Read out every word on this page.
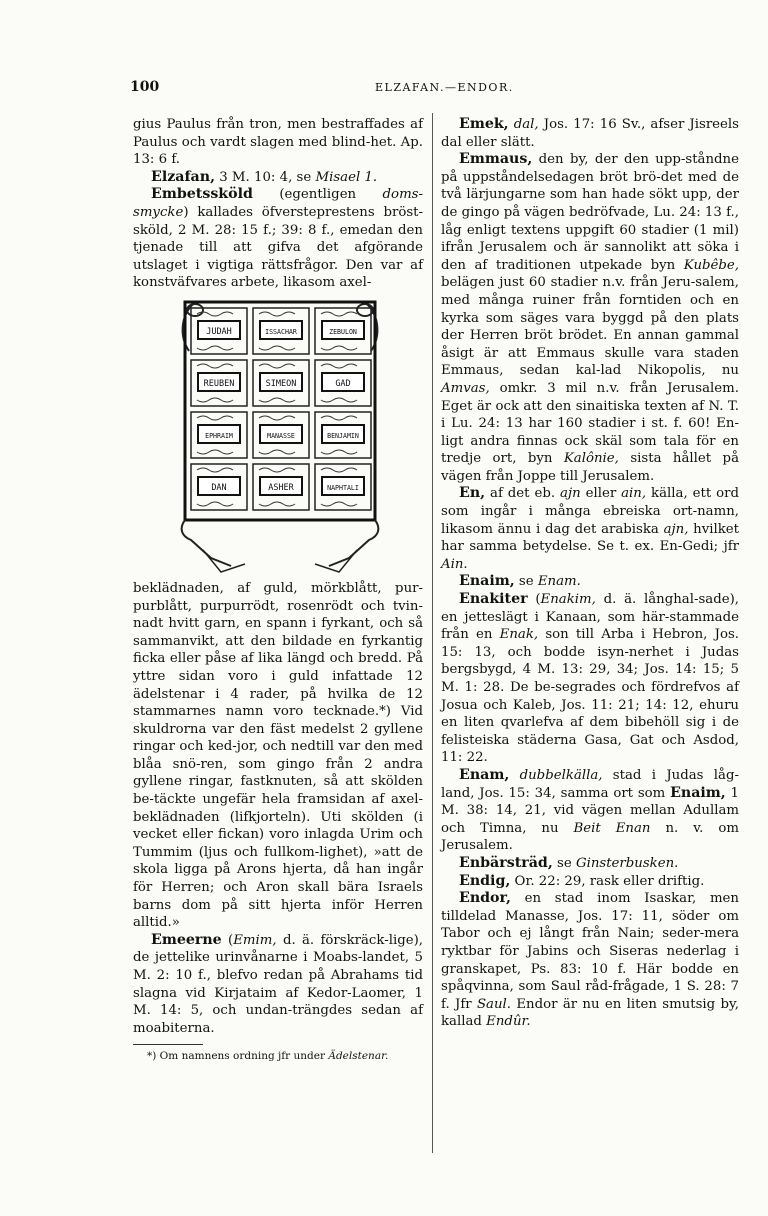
100	ELZAFAN.—ENDOR.

gius Paulus från tron, men bestraffades af Paulus och vardt slagen med blind-het. Ap. 13: 6 f.

Elzafan, 3 M. 10: 4, se Misael 1.

Embetssköld (egentligen doms-smycke) kallades öfversteprestens bröst-sköld, 2 M. 28: 15 f.; 39: 8 f., emedan den tjenade till att gifva det afgörande utslaget i vigtiga rättsfrågor. Den var af konstväfvares arbete, likasom axel-

JUDAH	ISSACHAR	ZEBULON
REUBEN	SIMEON	GAD
EPHRAIM	MANASSE	BENJAMIN
DAN	ASHER	NAPHTALI

beklädnaden, af guld, mörkblått, pur-purblått, purpurrödt, rosenrödt och tvin-nadt hvitt garn, en spann i fyrkant, och så sammanvikt, att den bildade en fyrkantig ficka eller påse af lika längd och bredd. På yttre sidan voro i guld infattade 12 ädelstenar i 4 rader, på hvilka de 12 stammarnes namn voro tecknade.*) Vid skuldrorna var den fäst medelst 2 gyllene ringar och ked-jor, och nedtill var den med blåa snö-ren, som gingo från 2 andra gyllene ringar, fastknuten, så att skölden be-täckte ungefär hela framsidan af axel-beklädnaden (lifkjorteln). Uti skölden (i vecket eller fickan) voro inlagda Urim och Tummim (ljus och fullkom-lighet), »att de skola ligga på Arons hjerta, då han ingår för Herren; och Aron skall bära Israels barns dom på sitt hjerta inför Herren alltid.»

Emeerne (Emim, d. ä. förskräck-lige), de jettelike urinvånarne i Moabs-landet, 5 M. 2: 10 f., blefvo redan på Abrahams tid slagna vid Kirjataim af Kedor-Laomer, 1 M. 14: 5, och undan-trängdes sedan af moabiterna.

*) Om namnens ordning jfr under Ädelstenar.

Emek, dal, Jos. 17: 16 Sv., afser Jisreels dal eller slätt.

Emmaus, den by, der den upp-ståndne på uppståndelsedagen bröt brö-det med de två lärjungarne som han hade sökt upp, der de gingo på vägen bedröfvade, Lu. 24: 13 f., låg enligt textens uppgift 60 stadier (1 mil) ifrån Jerusalem och är sannolikt att söka i den af traditionen utpekade byn Kubêbe, belägen just 60 stadier n.v. från Jeru-salem, med många ruiner från forntiden och en kyrka som säges vara byggd på den plats der Herren bröt brödet. En annan gammal åsigt är att Emmaus skulle vara staden Emmaus, sedan kal-lad Nikopolis, nu Amvas, omkr. 3 mil n.v. från Jerusalem. Eget är ock att den sinaitiska texten af N. T. i Lu. 24: 13 har 160 stadier i st. f. 60! En-ligt andra finnas ock skäl som tala för en tredje ort, byn Kalônie, sista hållet på vägen från Joppe till Jerusalem.

En, af det eb. ajn eller ain, källa, ett ord som ingår i många ebreiska ort-namn, likasom ännu i dag det arabiska ajn, hvilket har samma betydelse. Se t. ex. En-Gedi; jfr Ain.

Enaim, se Enam.

Enakiter (Enakim, d. ä. långhal-sade), en jetteslägt i Kanaan, som här-stammade från en Enak, son till Arba i Hebron, Jos. 15: 13, och bodde isyn-nerhet i Judas bergsbygd, 4 M. 13: 29, 34; Jos. 14: 15; 5 M. 1: 28. De be-segrades och fördrefvos af Josua och Kaleb, Jos. 11: 21; 14: 12, ehuru en liten qvarlefva af dem bibehöll sig i de felisteiska städerna Gasa, Gat och Asdod, 11: 22.

Enam, dubbelkälla, stad i Judas låg-land, Jos. 15: 34, samma ort som Enaim, 1 M. 38: 14, 21, vid vägen mellan Adullam och Timna, nu Beit Enan n. v. om Jerusalem.

Enbärsträd, se Ginsterbusken.

Endig, Or. 22: 29, rask eller driftig.

Endor, en stad inom Isaskar, men tilldelad Manasse, Jos. 17: 11, söder om Tabor och ej långt från Nain; seder-mera ryktbar för Jabins och Siseras nederlag i granskapet, Ps. 83: 10 f. Här bodde en spåqvinna, som Saul råd-frågade, 1 S. 28: 7 f. Jfr Saul. Endor är nu en liten smutsig by, kallad Endûr.
